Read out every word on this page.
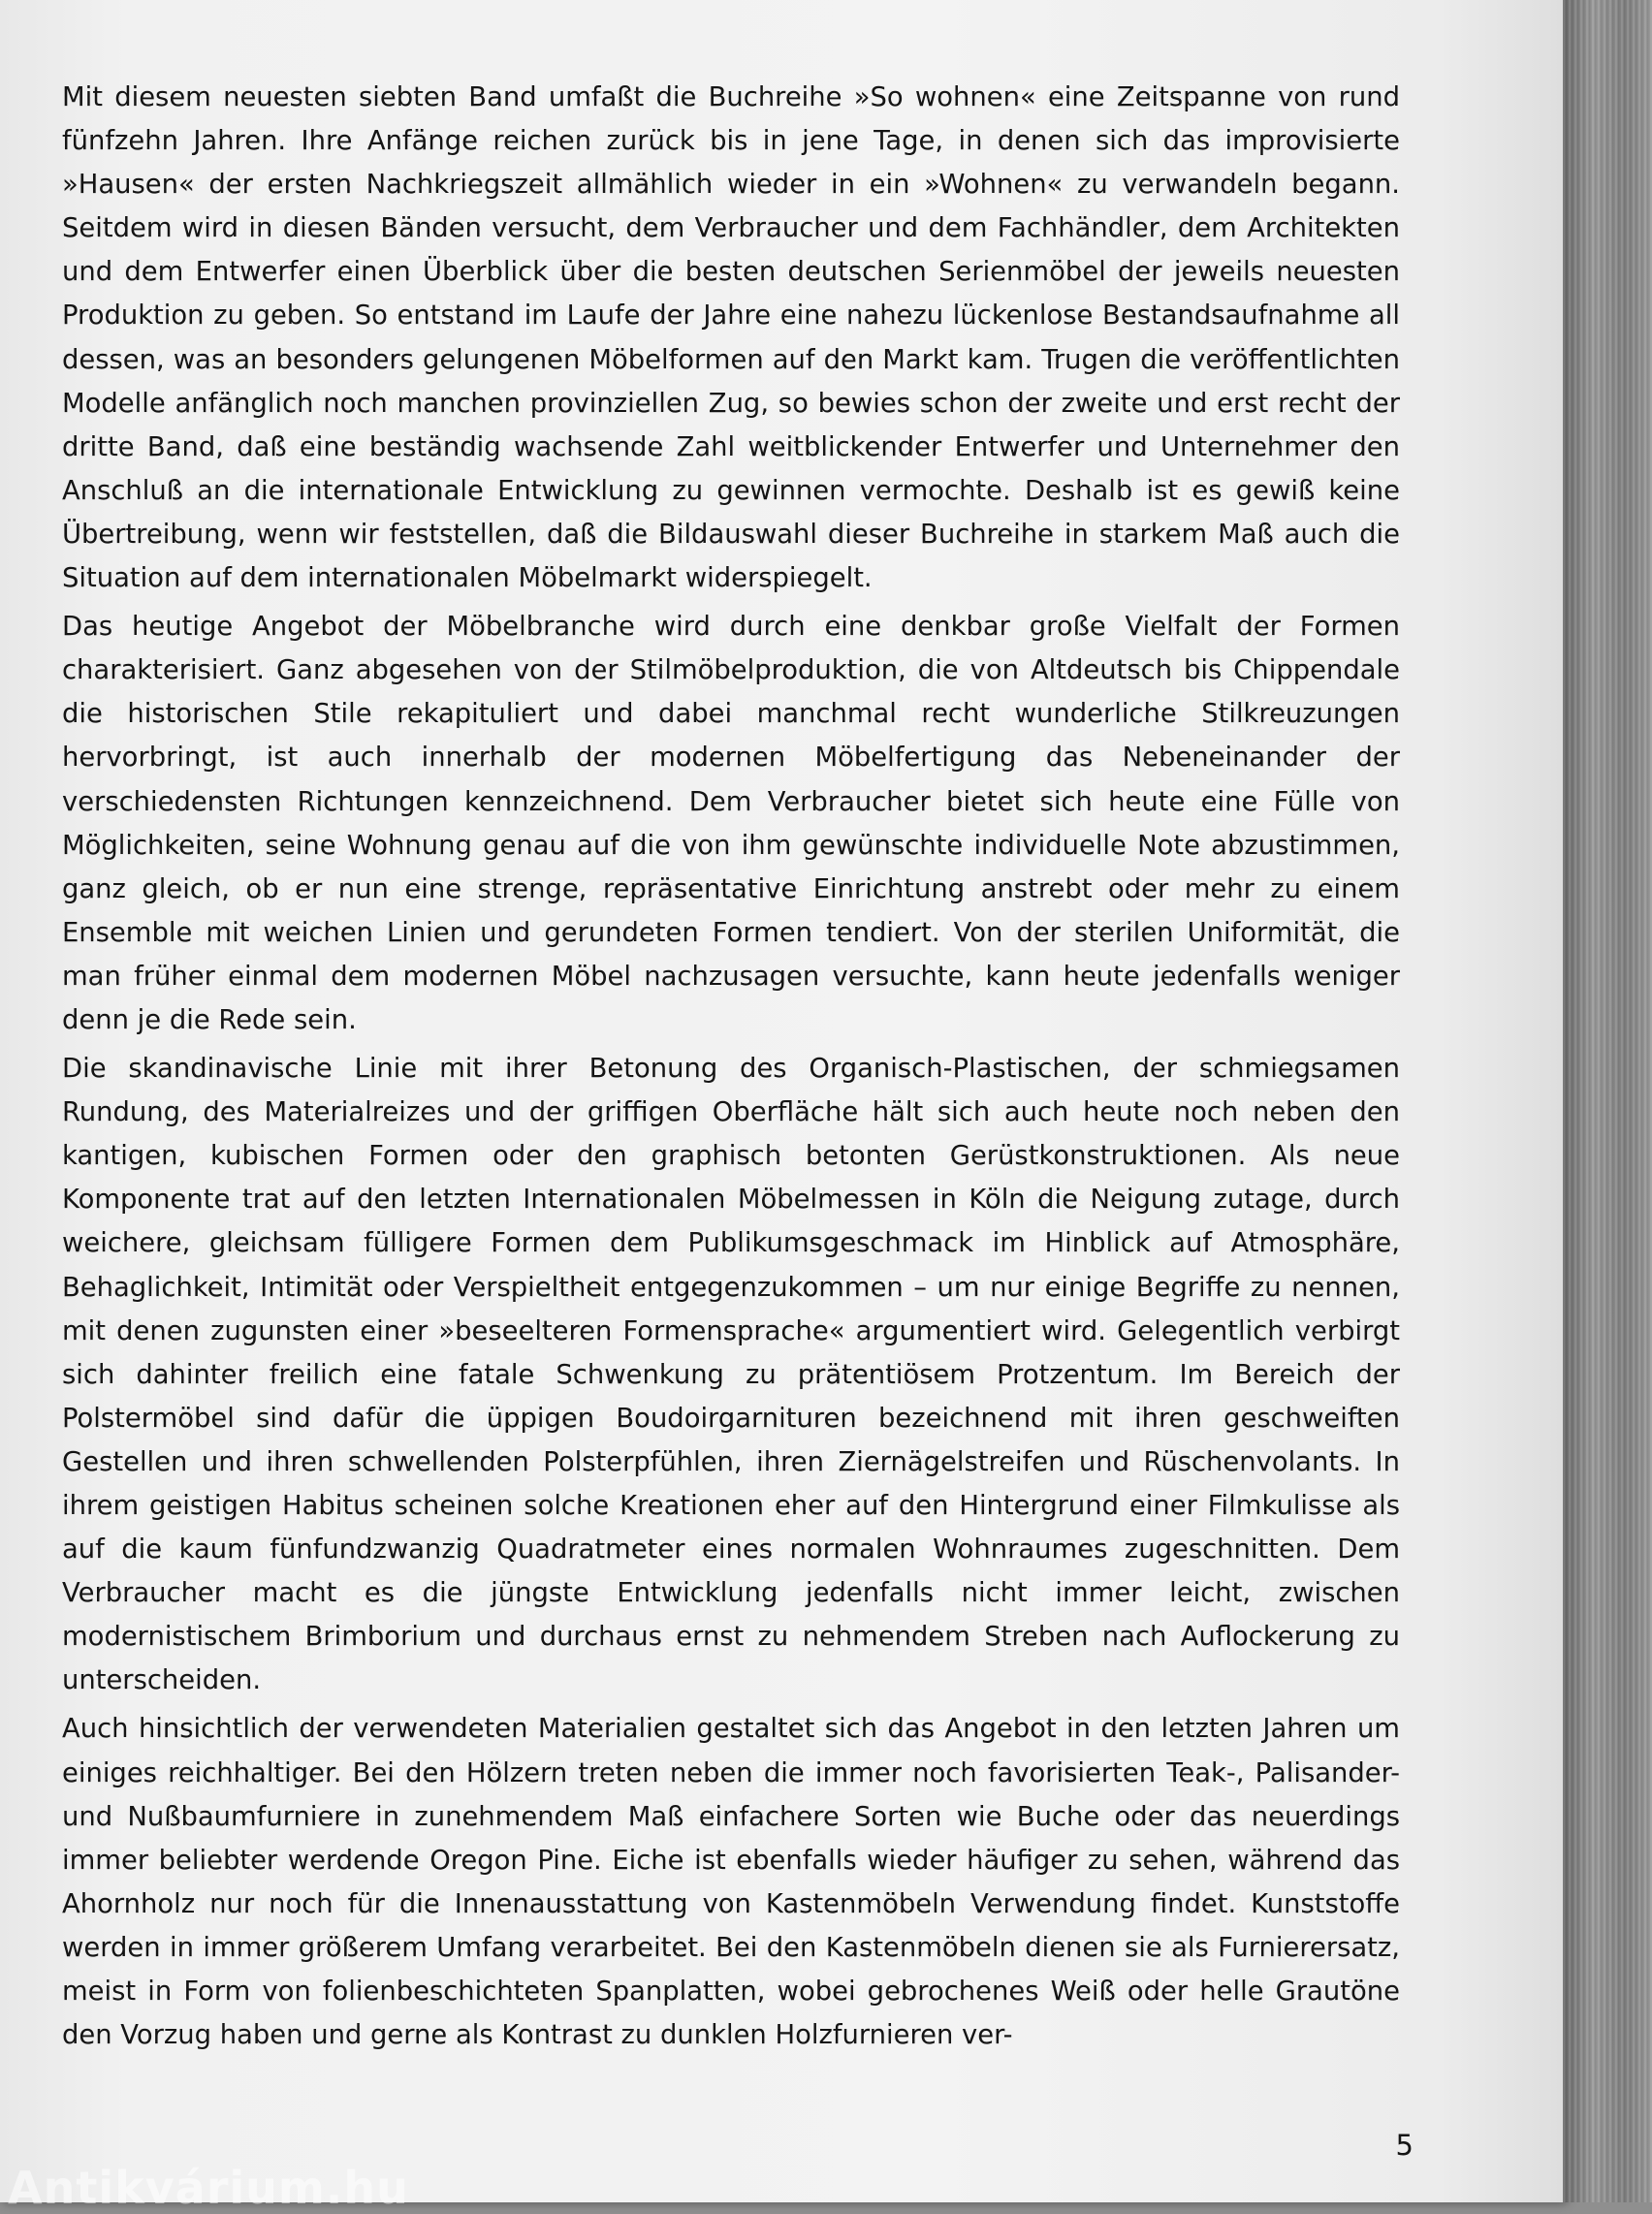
Mit diesem neuesten siebten Band umfaßt die Buchreihe »So wohnen« eine Zeitspanne von rund fünfzehn Jahren. Ihre Anfänge reichen zurück bis in jene Tage, in denen sich das improvisierte »Hausen« der ersten Nachkriegszeit allmählich wieder in ein »Wohnen« zu verwandeln begann. Seitdem wird in diesen Bänden versucht, dem Verbraucher und dem Fachhändler, dem Architekten und dem Entwerfer einen Überblick über die besten deutschen Serienmöbel der jeweils neuesten Produktion zu geben. So entstand im Laufe der Jahre eine nahezu lückenlose Bestandsaufnahme all dessen, was an besonders gelungenen Möbelformen auf den Markt kam. Trugen die veröffentlichten Modelle anfänglich noch manchen provinziellen Zug, so bewies schon der zweite und erst recht der dritte Band, daß eine beständig wachsende Zahl weitblickender Entwerfer und Unternehmer den Anschluß an die internationale Entwicklung zu gewinnen vermochte. Deshalb ist es gewiß keine Übertreibung, wenn wir feststellen, daß die Bildauswahl dieser Buchreihe in starkem Maß auch die Situation auf dem internationalen Möbelmarkt widerspiegelt.

Das heutige Angebot der Möbelbranche wird durch eine denkbar große Vielfalt der Formen charakterisiert. Ganz abgesehen von der Stilmöbelproduktion, die von Altdeutsch bis Chippendale die historischen Stile rekapituliert und dabei manchmal recht wunderliche Stilkreuzungen hervorbringt, ist auch innerhalb der modernen Möbelfertigung das Nebeneinander der verschiedensten Richtungen kennzeichnend. Dem Verbraucher bietet sich heute eine Fülle von Möglichkeiten, seine Wohnung genau auf die von ihm gewünschte individuelle Note abzustimmen, ganz gleich, ob er nun eine strenge, repräsentative Einrichtung anstrebt oder mehr zu einem Ensemble mit weichen Linien und gerundeten Formen tendiert. Von der sterilen Uniformität, die man früher einmal dem modernen Möbel nachzusagen versuchte, kann heute jedenfalls weniger denn je die Rede sein.

Die skandinavische Linie mit ihrer Betonung des Organisch-Plastischen, der schmiegsamen Rundung, des Materialreizes und der griffigen Oberfläche hält sich auch heute noch neben den kantigen, kubischen Formen oder den graphisch betonten Gerüstkonstruktionen. Als neue Komponente trat auf den letzten Internationalen Möbelmessen in Köln die Neigung zutage, durch weichere, gleichsam fülligere Formen dem Publikumsgeschmack im Hinblick auf Atmosphäre, Behaglichkeit, Intimität oder Verspieltheit entgegenzukommen – um nur einige Begriffe zu nennen, mit denen zugunsten einer »beseelteren Formensprache« argumentiert wird. Gelegentlich verbirgt sich dahinter freilich eine fatale Schwenkung zu prätentiösem Protzentum. Im Bereich der Polstermöbel sind dafür die üppigen Boudoirgarnituren bezeichnend mit ihren geschweiften Gestellen und ihren schwellenden Polsterpfühlen, ihren Ziernägelstreifen und Rüschenvolants. In ihrem geistigen Habitus scheinen solche Kreationen eher auf den Hintergrund einer Filmkulisse als auf die kaum fünfundzwanzig Quadratmeter eines normalen Wohnraumes zugeschnitten. Dem Verbraucher macht es die jüngste Entwicklung jedenfalls nicht immer leicht, zwischen modernistischem Brimborium und durchaus ernst zu nehmendem Streben nach Auflockerung zu unterscheiden.

Auch hinsichtlich der verwendeten Materialien gestaltet sich das Angebot in den letzten Jahren um einiges reichhaltiger. Bei den Hölzern treten neben die immer noch favorisierten Teak-, Palisander- und Nußbaumfurniere in zunehmendem Maß einfachere Sorten wie Buche oder das neuerdings immer beliebter werdende Oregon Pine. Eiche ist ebenfalls wieder häufiger zu sehen, während das Ahornholz nur noch für die Innenausstattung von Kastenmöbeln Verwendung findet. Kunststoffe werden in immer größerem Umfang verarbeitet. Bei den Kastenmöbeln dienen sie als Furnierersatz, meist in Form von folienbeschichteten Spanplatten, wobei gebrochenes Weiß oder helle Grautöne den Vorzug haben und gerne als Kontrast zu dunklen Holzfurnieren ver-

5
Antikvárium.hu
